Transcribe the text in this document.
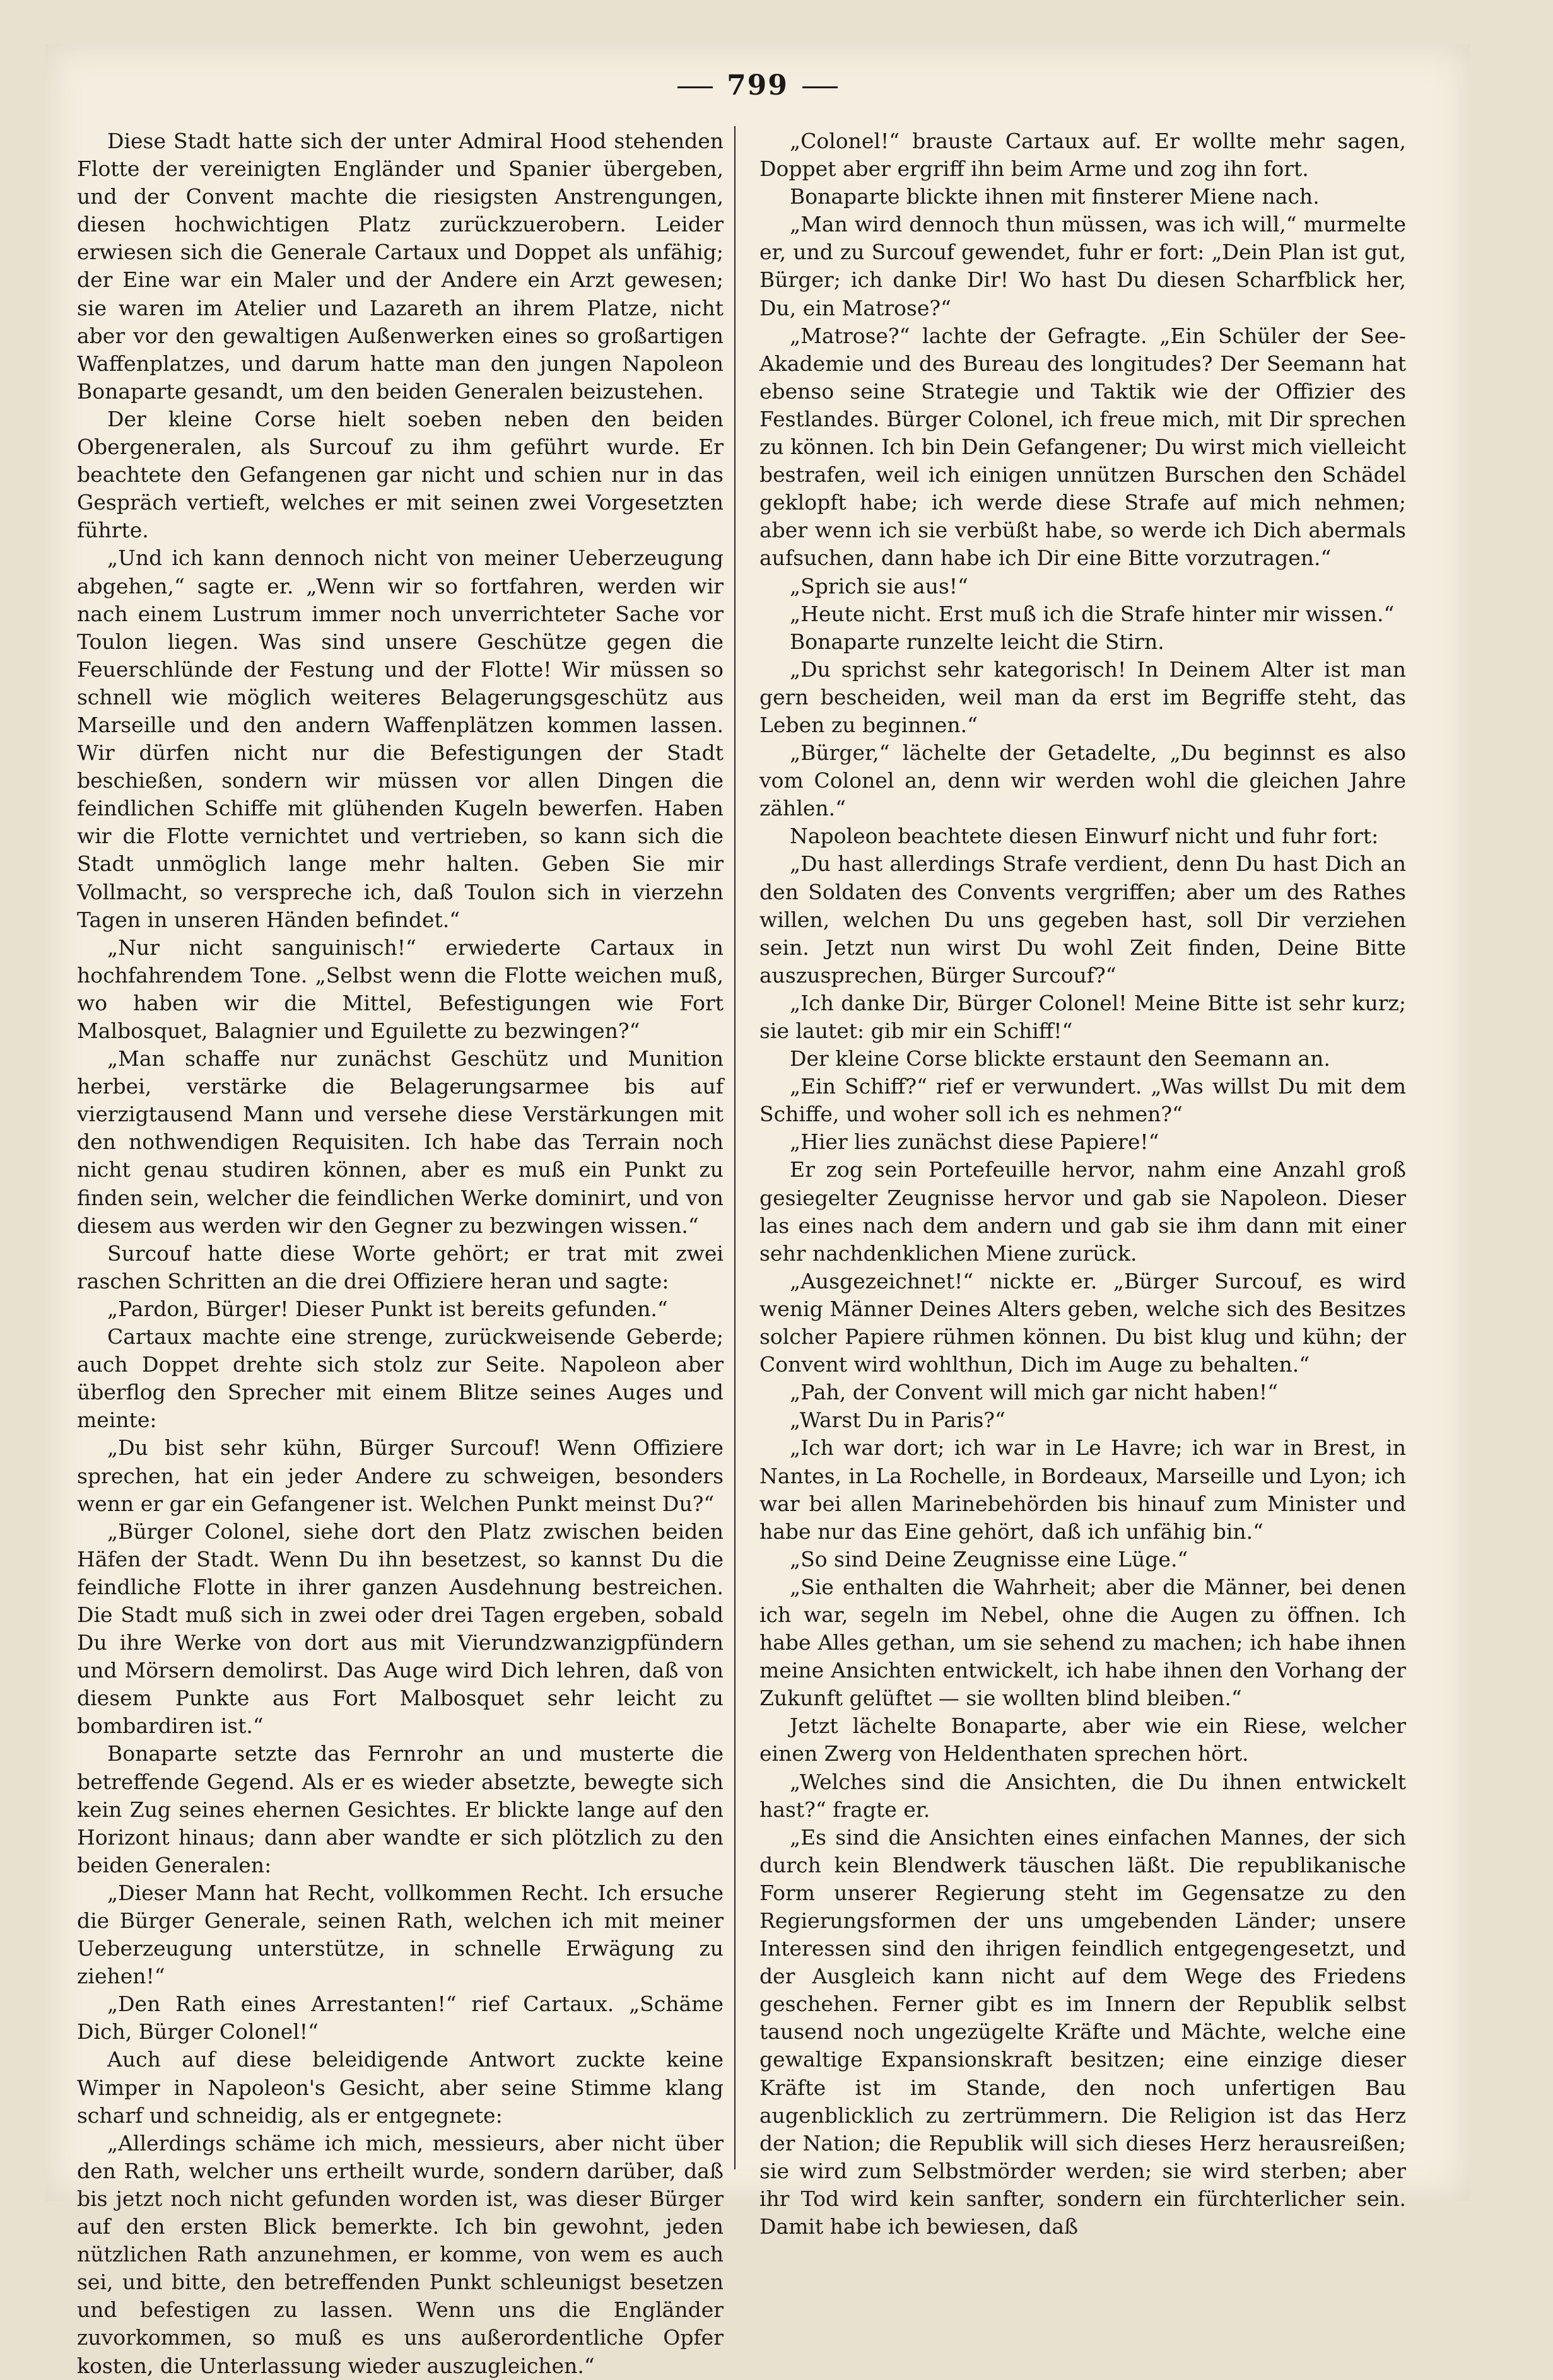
799

Diese Stadt hatte sich der unter Admiral Hood stehenden Flotte der vereinigten Engländer und Spanier übergeben, und der Convent machte die riesigsten Anstrengungen, diesen hochwichtigen Platz zurückzuerobern. Leider erwiesen sich die Generale Cartaux und Doppet als unfähig; der Eine war ein Maler und der Andere ein Arzt gewesen; sie waren im Atelier und Lazareth an ihrem Platze, nicht aber vor den gewaltigen Außenwerken eines so großartigen Waffenplatzes, und darum hatte man den jungen Napoleon Bonaparte gesandt, um den beiden Generalen beizustehen.

Der kleine Corse hielt soeben neben den beiden Obergeneralen, als Surcouf zu ihm geführt wurde. Er beachtete den Gefangenen gar nicht und schien nur in das Gespräch vertieft, welches er mit seinen zwei Vorgesetzten führte.

„Und ich kann dennoch nicht von meiner Ueberzeugung abgehen,“ sagte er. „Wenn wir so fortfahren, werden wir nach einem Lustrum immer noch unverrichteter Sache vor Toulon liegen. Was sind unsere Geschütze gegen die Feuerschlünde der Festung und der Flotte! Wir müssen so schnell wie möglich weiteres Belagerungsgeschütz aus Marseille und den andern Waffenplätzen kommen lassen. Wir dürfen nicht nur die Befestigungen der Stadt beschießen, sondern wir müssen vor allen Dingen die feindlichen Schiffe mit glühenden Kugeln bewerfen. Haben wir die Flotte vernichtet und vertrieben, so kann sich die Stadt unmöglich lange mehr halten. Geben Sie mir Vollmacht, so verspreche ich, daß Toulon sich in vierzehn Tagen in unseren Händen befindet.“

„Nur nicht sanguinisch!“ erwiederte Cartaux in hochfahrendem Tone. „Selbst wenn die Flotte weichen muß, wo haben wir die Mittel, Befestigungen wie Fort Malbosquet, Balagnier und Eguilette zu bezwingen?“

„Man schaffe nur zunächst Geschütz und Munition herbei, verstärke die Belagerungsarmee bis auf vierzigtausend Mann und versehe diese Verstärkungen mit den nothwendigen Requisiten. Ich habe das Terrain noch nicht genau studiren können, aber es muß ein Punkt zu finden sein, welcher die feindlichen Werke dominirt, und von diesem aus werden wir den Gegner zu bezwingen wissen.“

Surcouf hatte diese Worte gehört; er trat mit zwei raschen Schritten an die drei Offiziere heran und sagte:

„Pardon, Bürger! Dieser Punkt ist bereits gefunden.“

Cartaux machte eine strenge, zurückweisende Geberde; auch Doppet drehte sich stolz zur Seite. Napoleon aber überflog den Sprecher mit einem Blitze seines Auges und meinte:

„Du bist sehr kühn, Bürger Surcouf! Wenn Offiziere sprechen, hat ein jeder Andere zu schweigen, besonders wenn er gar ein Gefangener ist. Welchen Punkt meinst Du?“

„Bürger Colonel, siehe dort den Platz zwischen beiden Häfen der Stadt. Wenn Du ihn besetzest, so kannst Du die feindliche Flotte in ihrer ganzen Ausdehnung bestreichen. Die Stadt muß sich in zwei oder drei Tagen ergeben, sobald Du ihre Werke von dort aus mit Vierundzwanzigpfündern und Mörsern demolirst. Das Auge wird Dich lehren, daß von diesem Punkte aus Fort Malbosquet sehr leicht zu bombardiren ist.“

Bonaparte setzte das Fernrohr an und musterte die betreffende Gegend. Als er es wieder absetzte, bewegte sich kein Zug seines ehernen Gesichtes. Er blickte lange auf den Horizont hinaus; dann aber wandte er sich plötzlich zu den beiden Generalen:

„Dieser Mann hat Recht, vollkommen Recht. Ich ersuche die Bürger Generale, seinen Rath, welchen ich mit meiner Ueberzeugung unterstütze, in schnelle Erwägung zu ziehen!“

„Den Rath eines Arrestanten!“ rief Cartaux. „Schäme Dich, Bürger Colonel!“

Auch auf diese beleidigende Antwort zuckte keine Wimper in Napoleon's Gesicht, aber seine Stimme klang scharf und schneidig, als er entgegnete:

„Allerdings schäme ich mich, messieurs, aber nicht über den Rath, welcher uns ertheilt wurde, sondern darüber, daß bis jetzt noch nicht gefunden worden ist, was dieser Bürger auf den ersten Blick bemerkte. Ich bin gewohnt, jeden nützlichen Rath anzunehmen, er komme, von wem es auch sei, und bitte, den betreffenden Punkt schleunigst besetzen und befestigen zu lassen. Wenn uns die Engländer zuvorkommen, so muß es uns außerordentliche Opfer kosten, die Unterlassung wieder auszugleichen.“

„Colonel!“ brauste Cartaux auf. Er wollte mehr sagen, Doppet aber ergriff ihn beim Arme und zog ihn fort.

Bonaparte blickte ihnen mit finsterer Miene nach.

„Man wird dennoch thun müssen, was ich will,“ murmelte er, und zu Surcouf gewendet, fuhr er fort: „Dein Plan ist gut, Bürger; ich danke Dir! Wo hast Du diesen Scharfblick her, Du, ein Matrose?“

„Matrose?“ lachte der Gefragte. „Ein Schüler der See-Akademie und des Bureau des longitudes? Der Seemann hat ebenso seine Strategie und Taktik wie der Offizier des Festlandes. Bürger Colonel, ich freue mich, mit Dir sprechen zu können. Ich bin Dein Gefangener; Du wirst mich vielleicht bestrafen, weil ich einigen unnützen Burschen den Schädel geklopft habe; ich werde diese Strafe auf mich nehmen; aber wenn ich sie verbüßt habe, so werde ich Dich abermals aufsuchen, dann habe ich Dir eine Bitte vorzutragen.“

„Sprich sie aus!“

„Heute nicht. Erst muß ich die Strafe hinter mir wissen.“

Bonaparte runzelte leicht die Stirn.

„Du sprichst sehr kategorisch! In Deinem Alter ist man gern bescheiden, weil man da erst im Begriffe steht, das Leben zu beginnen.“

„Bürger,“ lächelte der Getadelte, „Du beginnst es also vom Colonel an, denn wir werden wohl die gleichen Jahre zählen.“

Napoleon beachtete diesen Einwurf nicht und fuhr fort:

„Du hast allerdings Strafe verdient, denn Du hast Dich an den Soldaten des Convents vergriffen; aber um des Rathes willen, welchen Du uns gegeben hast, soll Dir verziehen sein. Jetzt nun wirst Du wohl Zeit finden, Deine Bitte auszusprechen, Bürger Surcouf?“

„Ich danke Dir, Bürger Colonel! Meine Bitte ist sehr kurz; sie lautet: gib mir ein Schiff!“

Der kleine Corse blickte erstaunt den Seemann an.

„Ein Schiff?“ rief er verwundert. „Was willst Du mit dem Schiffe, und woher soll ich es nehmen?“

„Hier lies zunächst diese Papiere!“

Er zog sein Portefeuille hervor, nahm eine Anzahl groß gesiegelter Zeugnisse hervor und gab sie Napoleon. Dieser las eines nach dem andern und gab sie ihm dann mit einer sehr nachdenklichen Miene zurück.

„Ausgezeichnet!“ nickte er. „Bürger Surcouf, es wird wenig Männer Deines Alters geben, welche sich des Besitzes solcher Papiere rühmen können. Du bist klug und kühn; der Convent wird wohlthun, Dich im Auge zu behalten.“

„Pah, der Convent will mich gar nicht haben!“

„Warst Du in Paris?“

„Ich war dort; ich war in Le Havre; ich war in Brest, in Nantes, in La Rochelle, in Bordeaux, Marseille und Lyon; ich war bei allen Marinebehörden bis hinauf zum Minister und habe nur das Eine gehört, daß ich unfähig bin.“

„So sind Deine Zeugnisse eine Lüge.“

„Sie enthalten die Wahrheit; aber die Männer, bei denen ich war, segeln im Nebel, ohne die Augen zu öffnen. Ich habe Alles gethan, um sie sehend zu machen; ich habe ihnen meine Ansichten entwickelt, ich habe ihnen den Vorhang der Zukunft gelüftet — sie wollten blind bleiben.“

Jetzt lächelte Bonaparte, aber wie ein Riese, welcher einen Zwerg von Heldenthaten sprechen hört.

„Welches sind die Ansichten, die Du ihnen entwickelt hast?“ fragte er.

„Es sind die Ansichten eines einfachen Mannes, der sich durch kein Blendwerk täuschen läßt. Die republikanische Form unserer Regierung steht im Gegensatze zu den Regierungsformen der uns umgebenden Länder; unsere Interessen sind den ihrigen feindlich entgegengesetzt, und der Ausgleich kann nicht auf dem Wege des Friedens geschehen. Ferner gibt es im Innern der Republik selbst tausend noch ungezügelte Kräfte und Mächte, welche eine gewaltige Expansionskraft besitzen; eine einzige dieser Kräfte ist im Stande, den noch unfertigen Bau augenblicklich zu zertrümmern. Die Religion ist das Herz der Nation; die Republik will sich dieses Herz herausreißen; sie wird zum Selbstmörder werden; sie wird sterben; aber ihr Tod wird kein sanfter, sondern ein fürchterlicher sein. Damit habe ich bewiesen, daß
